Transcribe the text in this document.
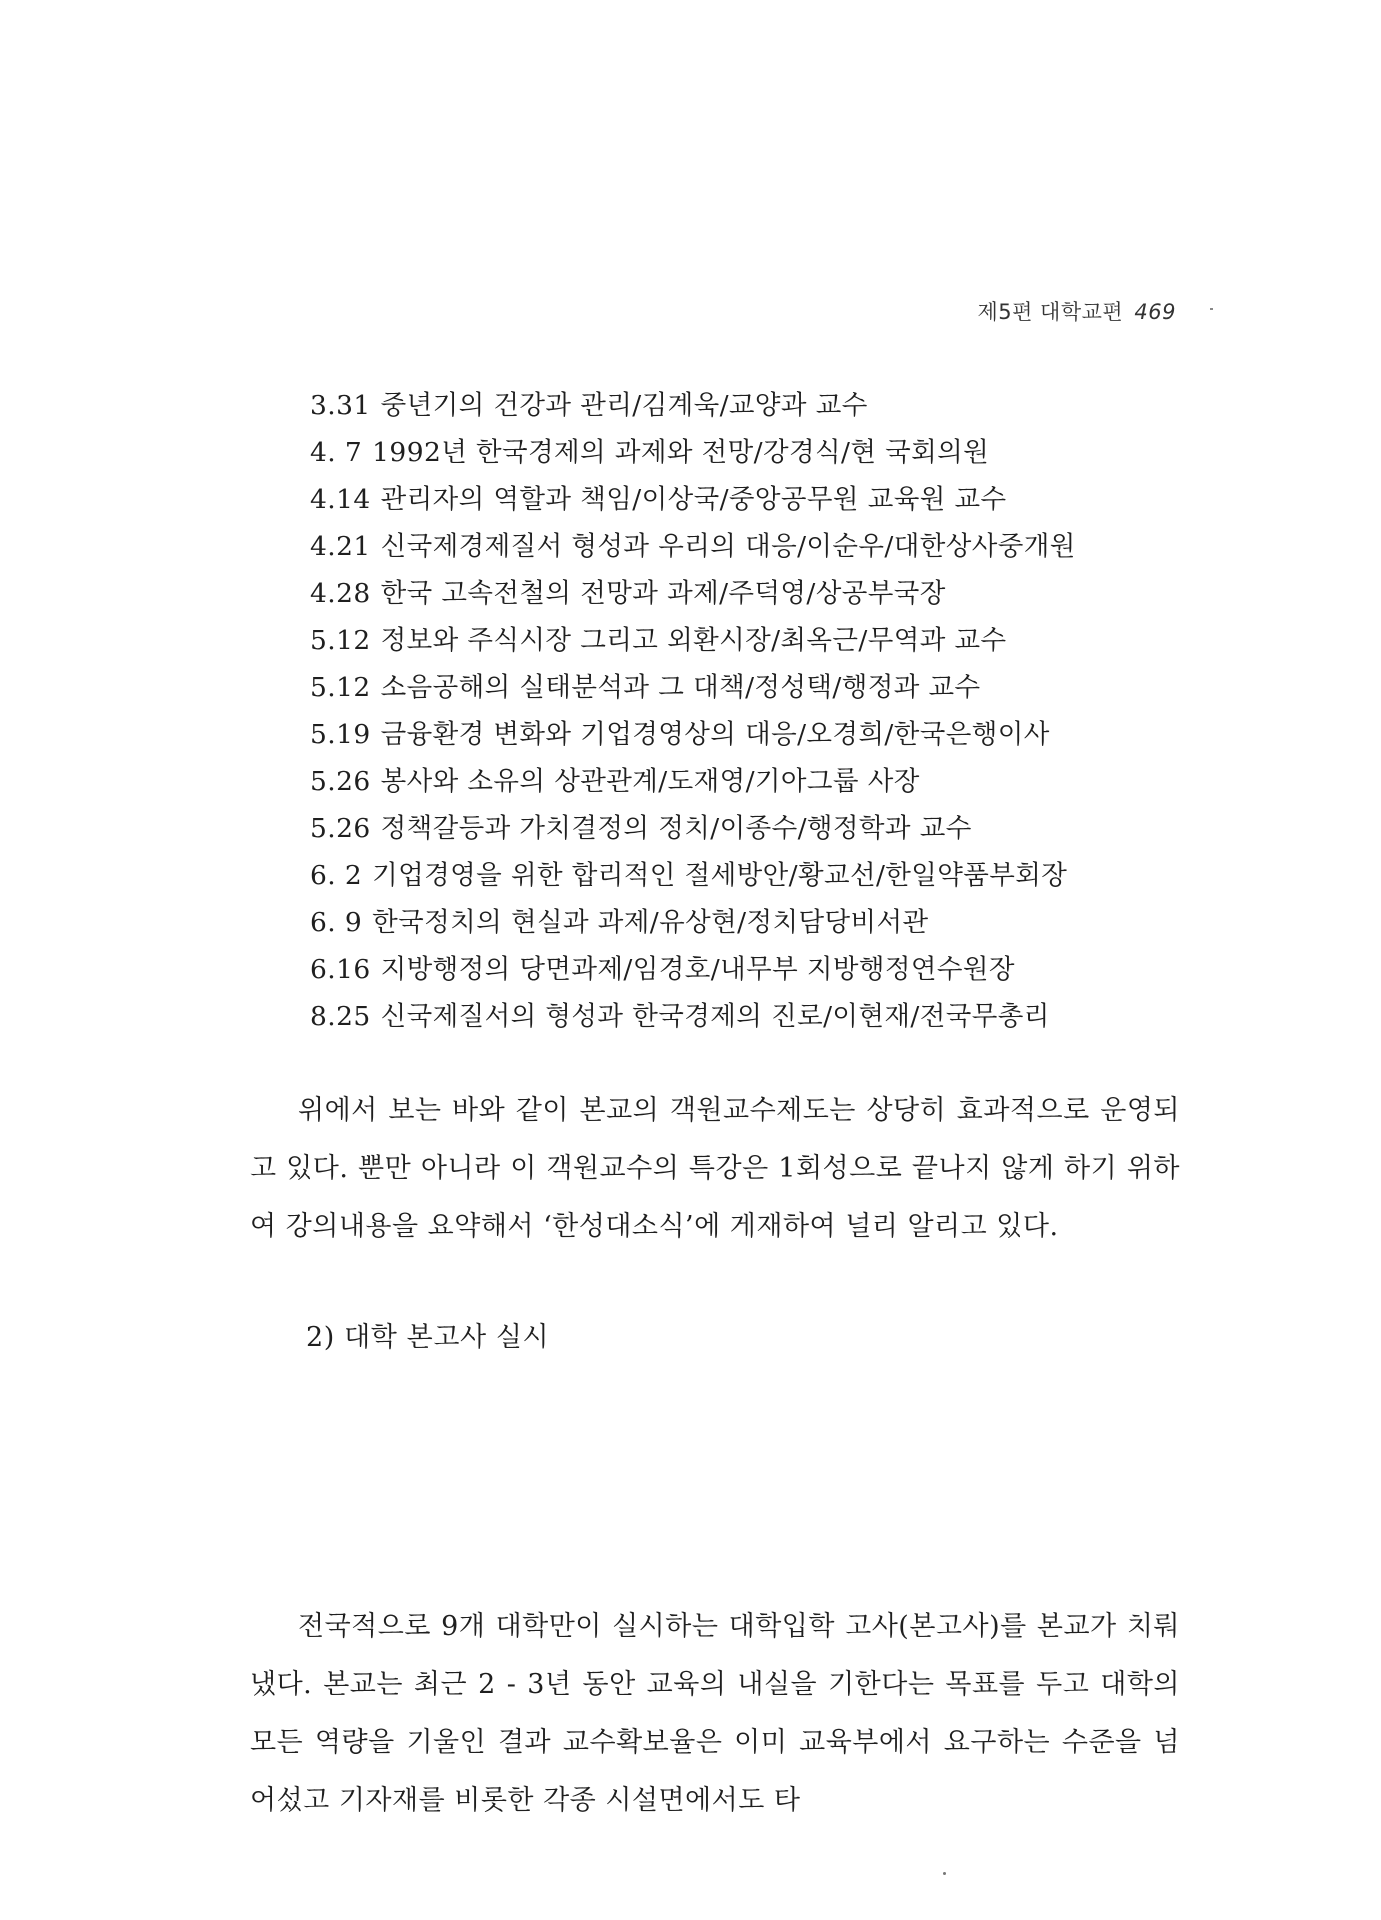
제5편 대학교편 469
3.31 중년기의 건강과 관리/김계욱/교양과 교수
4. 7 1992년 한국경제의 과제와 전망/강경식/현 국회의원
4.14 관리자의 역할과 책임/이상국/중앙공무원 교육원 교수
4.21 신국제경제질서 형성과 우리의 대응/이순우/대한상사중개원
4.28 한국 고속전철의 전망과 과제/주덕영/상공부국장
5.12 정보와 주식시장 그리고 외환시장/최옥근/무역과 교수
5.12 소음공해의 실태분석과 그 대책/정성택/행정과 교수
5.19 금융환경 변화와 기업경영상의 대응/오경희/한국은행이사
5.26 봉사와 소유의 상관관계/도재영/기아그룹 사장
5.26 정책갈등과 가치결정의 정치/이종수/행정학과 교수
6. 2 기업경영을 위한 합리적인 절세방안/황교선/한일약품부회장
6. 9 한국정치의 현실과 과제/유상현/정치담당비서관
6.16 지방행정의 당면과제/임경호/내무부 지방행정연수원장
8.25 신국제질서의 형성과 한국경제의 진로/이현재/전국무총리

위에서 보는 바와 같이 본교의 객원교수제도는 상당히 효과적으로 운영되고 있다. 뿐만 아니라 이 객원교수의 특강은 1회성으로 끝나지 않게 하기 위하여 강의내용을 요약해서 ‘한성대소식’에 게재하여 널리 알리고 있다.

2) 대학 본고사 실시

전국적으로 9개 대학만이 실시하는 대학입학 고사(본고사)를 본교가 치뤄 냈다. 본교는 최근 2 - 3년 동안 교육의 내실을 기한다는 목표를 두고 대학의 모든 역량을 기울인 결과 교수확보율은 이미 교육부에서 요구하는 수준을 넘어섰고 기자재를 비롯한 각종 시설면에서도 타
